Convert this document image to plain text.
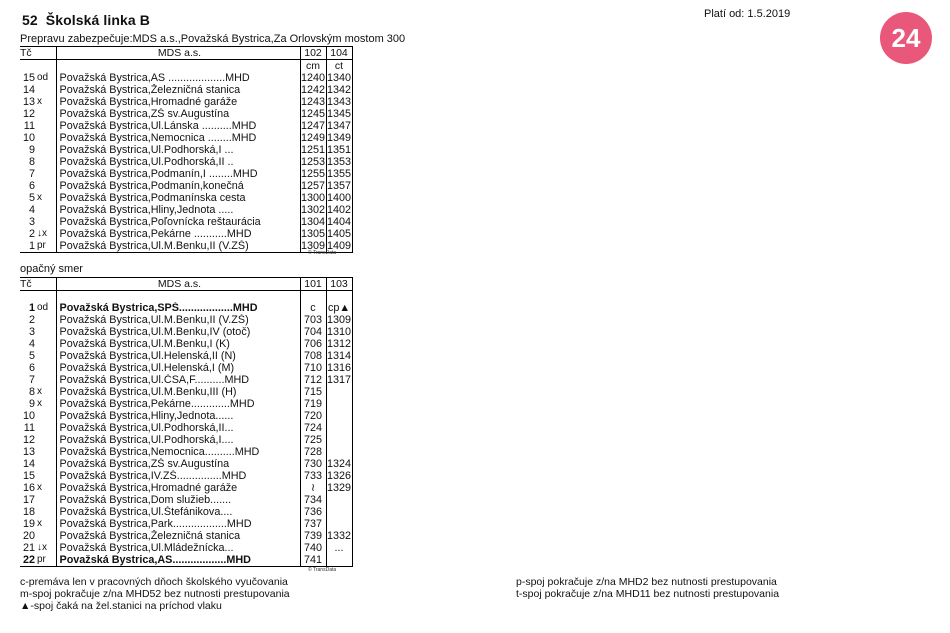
52 Školská linka B	Platí od: 1.5.2019
24
Prepravu zabezpečuje:MDS a.s.,Považská Bystrica,Za Orlovským mostom 300
Tč		MDS a.s.	102	104
			cm	ct
15	od	Považská Bystrica,AS ...................MHD	1240	1340
14		Považská Bystrica,Železničná stanica	1242	1342
13	x	Považská Bystrica,Hromadné garáže	1243	1343
12		Považská Bystrica,ZŠ sv.Augustína	1245	1345
11		Považská Bystrica,Ul.Lánska ..........MHD	1247	1347
10		Považská Bystrica,Nemocnica ........MHD	1249	1349
9		Považská Bystrica,Ul.Podhorská,I ...	1251	1351
8		Považská Bystrica,Ul.Podhorská,II ..	1253	1353
7		Považská Bystrica,Podmanín,I ........MHD	1255	1355
6		Považská Bystrica,Podmanín,konečná	1257	1357
5	x	Považská Bystrica,Podmanínska cesta	1300	1400
4		Považská Bystrica,Hliny,Jednota .....	1302	1402
3		Považská Bystrica,Poľovnícka reštaurácia	1304	1404
2	↓x	Považská Bystrica,Pekárne ...........MHD	1305	1405
1	pr	Považská Bystrica,Ul.M.Benku,II (V.ZŠ)	1309	1409
© TransData
opačný smer
Tč		MDS a.s.	101	103

1	od	Považská Bystrica,SPŠ..................MHD	c	cp▲
2		Považská Bystrica,Ul.M.Benku,II (V.ZŠ)	703	1309
3		Považská Bystrica,Ul.M.Benku,IV (otoč)	704	1310
4		Považská Bystrica,Ul.M.Benku,I (K)	706	1312
5		Považská Bystrica,Ul.Helenská,II (N)	708	1314
6		Považská Bystrica,Ul.Helenská,I (M)	710	1316
7		Považská Bystrica,Ul.ČSA,F..........MHD	712	1317
8	x	Považská Bystrica,Ul.M.Benku,III (H)	715	
9	x	Považská Bystrica,Pekárne.............MHD	719	
10		Považská Bystrica,Hliny,Jednota......	720	
11		Považská Bystrica,Ul.Podhorská,II...	724	
12		Považská Bystrica,Ul.Podhorská,I....	725	
13		Považská Bystrica,Nemocnica..........MHD	728	
14		Považská Bystrica,ZŠ sv.Augustína	730	1324
15		Považská Bystrica,IV.ZŠ...............MHD	733	1326
16	x	Považská Bystrica,Hromadné garáže	≀	1329
17		Považská Bystrica,Dom služieb.......	734	
18		Považská Bystrica,Ul.Štefánikova....	736	
19	x	Považská Bystrica,Park..................MHD	737	
20		Považská Bystrica,Železničná stanica	739	1332
21	↓x	Považská Bystrica,Ul.Mládežnícka...	740	...
22	pr	Považská Bystrica,AS..................MHD	741	
© TransData
c-premáva len v pracovných dňoch školského vyučovania
m-spoj pokračuje z/na MHD52 bez nutnosti prestupovania
▲-spoj čaká na žel.stanici na príchod vlaku
p-spoj pokračuje z/na MHD2 bez nutnosti prestupovania
t-spoj pokračuje z/na MHD11 bez nutnosti prestupovania
